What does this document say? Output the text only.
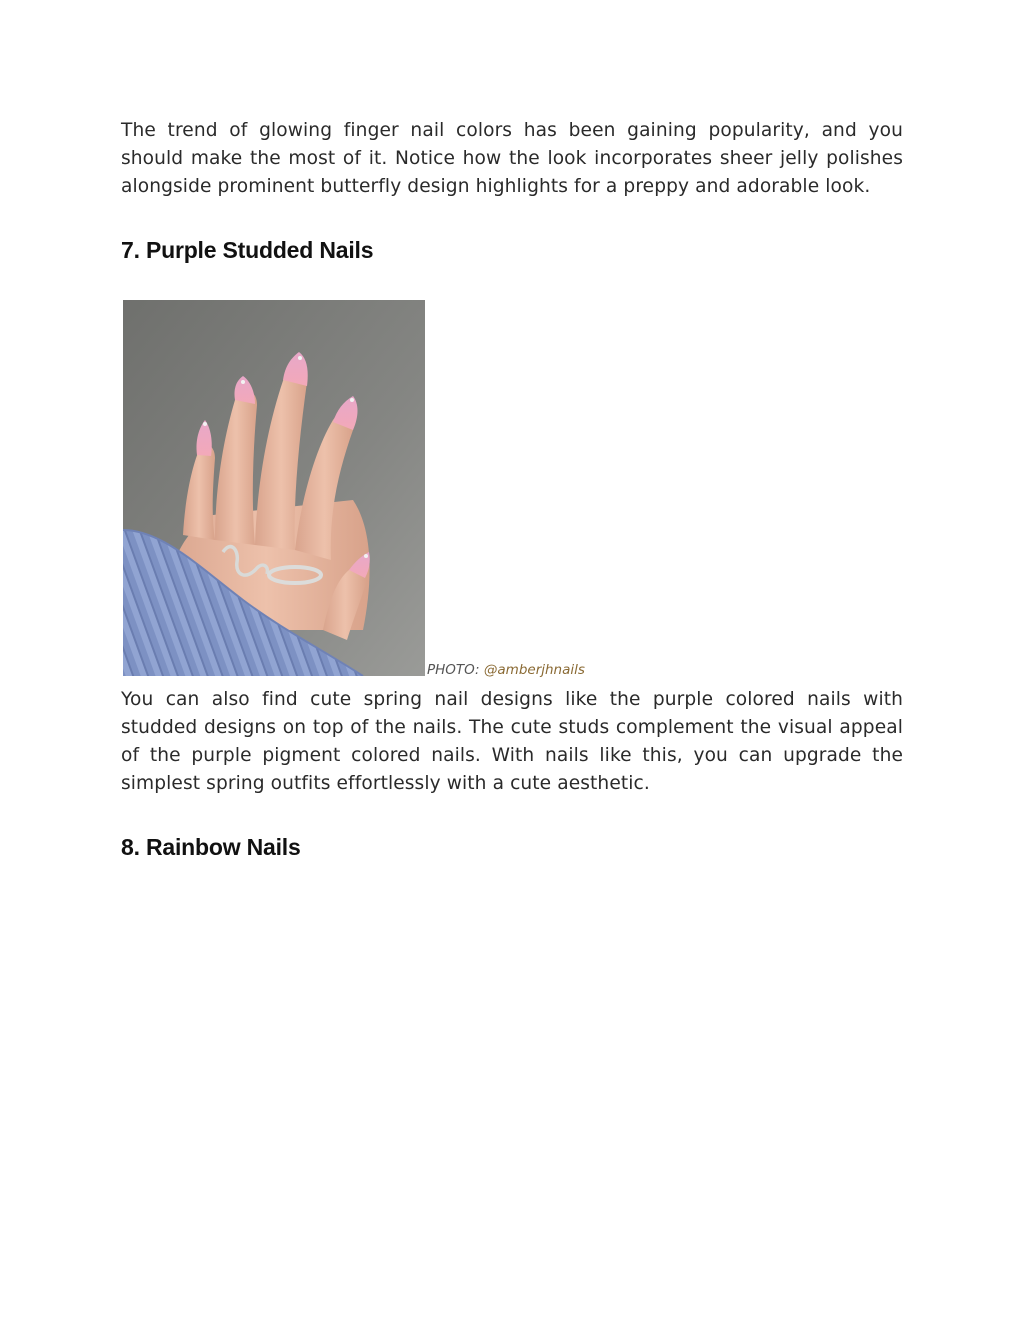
The trend of glowing finger nail colors has been gaining popularity, and you should make the most of it. Notice how the look incorporates sheer jelly polishes alongside prominent butterfly design highlights for a preppy and adorable look.

7. Purple Studded Nails
PHOTO: @amberjhnails

You can also find cute spring nail designs like the purple colored nails with studded designs on top of the nails. The cute studs complement the visual appeal of the purple pigment colored nails. With nails like this, you can upgrade the simplest spring outfits effortlessly with a cute aesthetic.

8. Rainbow Nails
